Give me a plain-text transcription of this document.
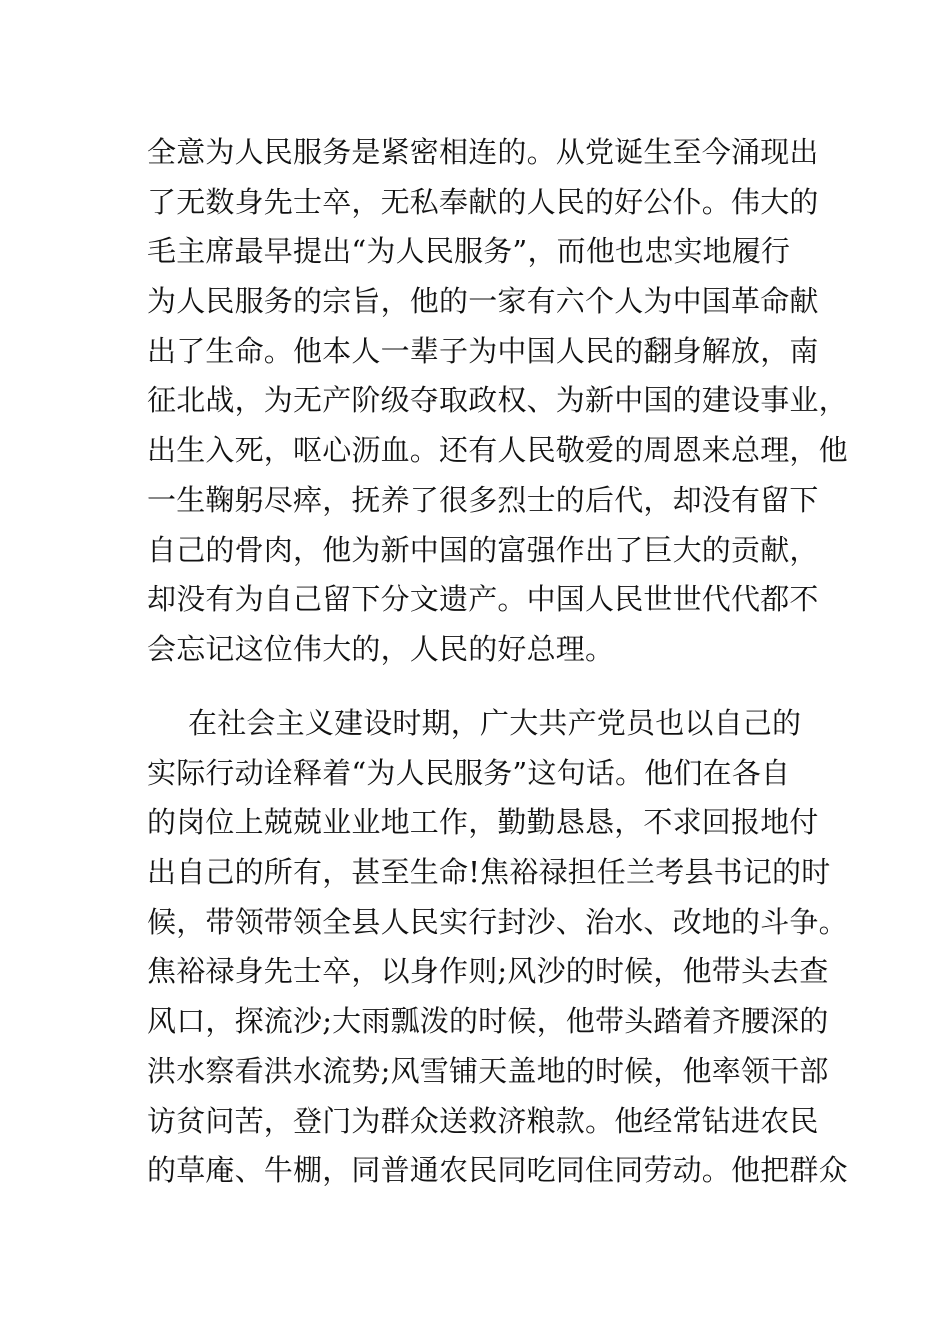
全意为人民服务是紧密相连的。从党诞生至今涌现出
了无数身先士卒，无私奉献的人民的好公仆。伟大的
毛主席最早提出“为人民服务”，而他也忠实地履行
为人民服务的宗旨，他的一家有六个人为中国革命献
出了生命。他本人一辈子为中国人民的翻身解放，南
征北战，为无产阶级夺取政权、为新中国的建设事业，
出生入死，呕心沥血。还有人民敬爱的周恩来总理，他
一生鞠躬尽瘁，抚养了很多烈士的后代，却没有留下
自己的骨肉，他为新中国的富强作出了巨大的贡献，
却没有为自己留下分文遗产。中国人民世世代代都不
会忘记这位伟大的，人民的好总理。
在社会主义建设时期，广大共产党员也以自己的
实际行动诠释着“为人民服务”这句话。他们在各自
的岗位上兢兢业业地工作，勤勤恳恳，不求回报地付
出自己的所有，甚至生命!焦裕禄担任兰考县书记的时
候，带领带领全县人民实行封沙、治水、改地的斗争。
焦裕禄身先士卒，以身作则;风沙的时候，他带头去查
风口，探流沙;大雨瓢泼的时候，他带头踏着齐腰深的
洪水察看洪水流势;风雪铺天盖地的时候，他率领干部
访贫问苦，登门为群众送救济粮款。他经常钻进农民
的草庵、牛棚，同普通农民同吃同住同劳动。他把群众
